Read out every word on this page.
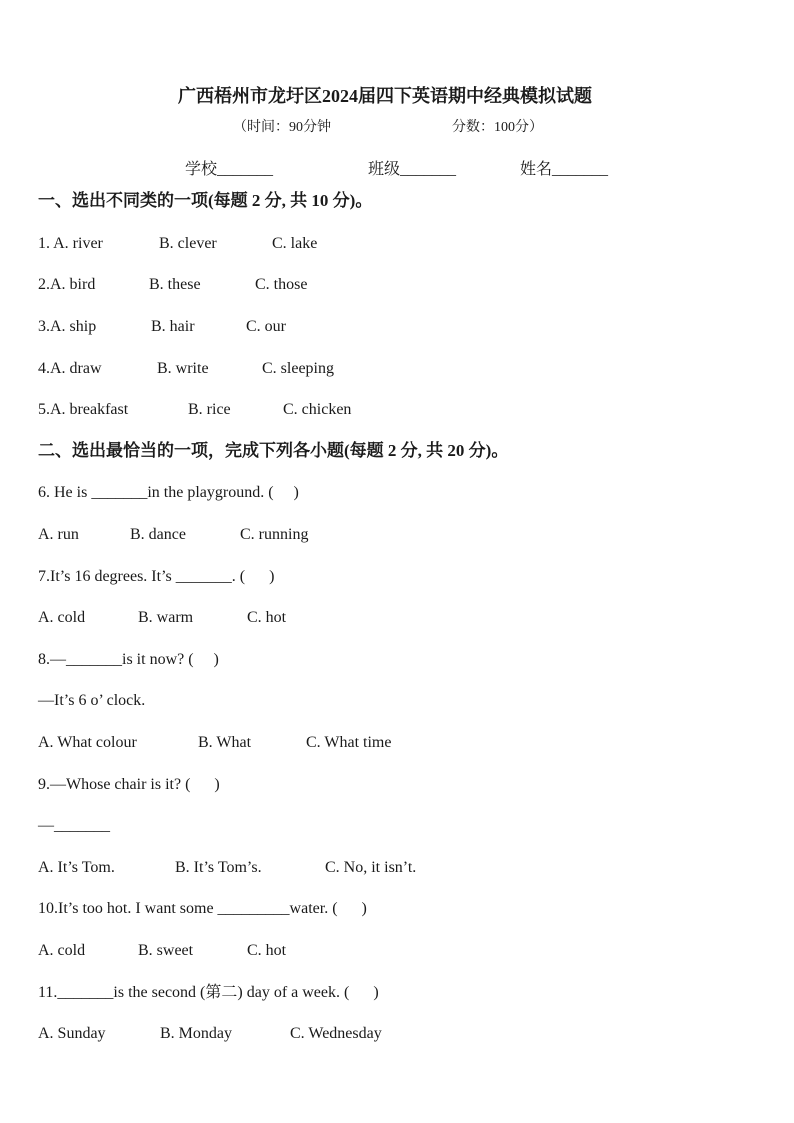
广西梧州市龙圩区2024届四下英语期中经典模拟试题
（时间：90分钟	分数：100分）
学校_______	班级_______	姓名_______
一、选出不同类的一项(每题 2 分, 共 10 分)。
1. A. river	B. clever	C. lake
2.A. bird	B. these	C. those
3.A. ship	B. hair	C. our
4.A. draw	B. write	C. sleeping
5.A. breakfast	B. rice	C. chicken
二、选出最恰当的一项，完成下列各小题(每题 2 分, 共 20 分)。
6. He is _______in the playground. (     )
A. run	B. dance	C. running
7.It’s 16 degrees. It’s _______. (      )
A. cold	B. warm	C. hot
8.—_______is it now? (     )
—It’s 6 o’ clock.
A. What colour	B. What	C. What time
9.—Whose chair is it? (      )
—_______
A. It’s Tom.	B. It’s Tom’s.	C. No, it isn’t.
10.It’s too hot. I want some _________water. (      )
A. cold	B. sweet	C. hot
11._______is the second (第二) day of a week. (      )
A. Sunday	B. Monday	C. Wednesday
